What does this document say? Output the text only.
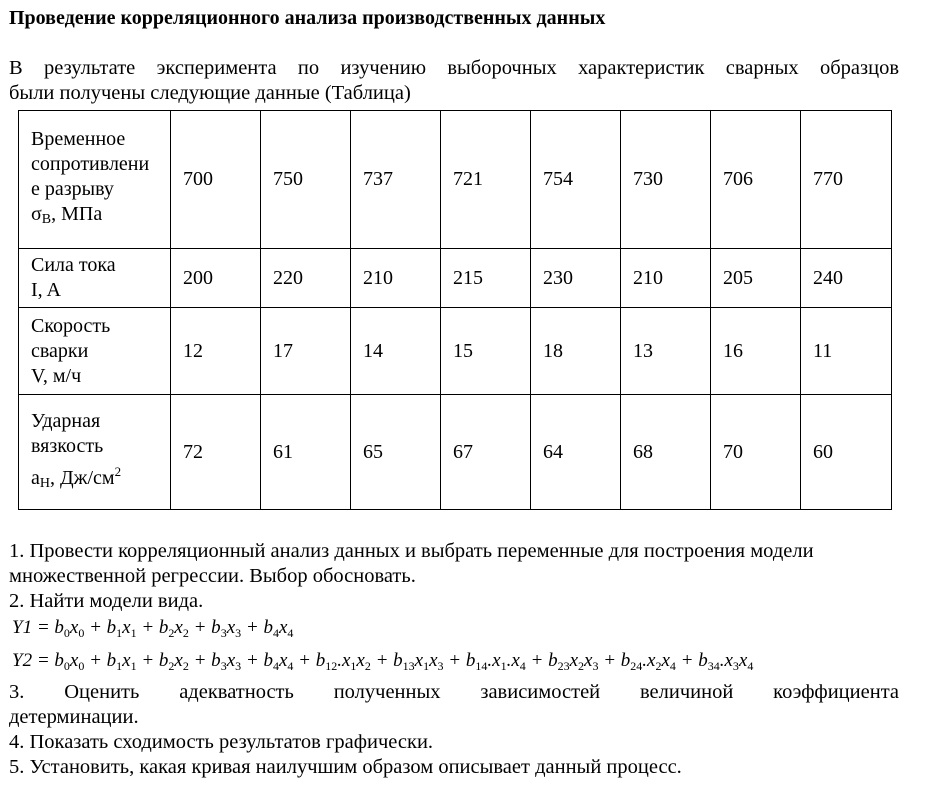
Проведение корреляционного анализа производственных данных
В результате эксперимента по изучению выборочных характеристик сварных образцов
были получены следующие данные (Таблица)
Временное
сопротивлени
е разрыву
$\sigma_В$, МПа	700	750	737	721	754	730	706	770
Сила тока
I, A	200	220	210	215	230	210	205	240
Скорость
сварки
V, м/ч	12	17	14	15	18	13	16	11
Ударная
вязкость
$а_Н$, $Дж/см^2$	72	61	65	67	64	68	70	60
1. Провести корреляционный анализ данных и выбрать переменные для построения модели
множественной регрессии. Выбор обосновать.
2. Найти модели вида.
$Y1 = b_0x_0 + b_1x_1 + b_2x_2 + b_3x_3 + b_4x_4$
$Y2 = b_0x_0 + b_1x_1 + b_2x_2 + b_3x_3 + b_4x_4 + b_{12}.x_1x_2 + b_{13}x_1x_3 + b_{14}.x_1.x_4 + b_{23}x_2x_3 + b_{24}.x_2x_4 + b_{34}.x_3x_4$
3. Оценить адекватность полученных зависимостей величиной коэффициента
детерминации.
4. Показать сходимость результатов графически.
5. Установить, какая кривая наилучшим образом описывает данный процесс.
